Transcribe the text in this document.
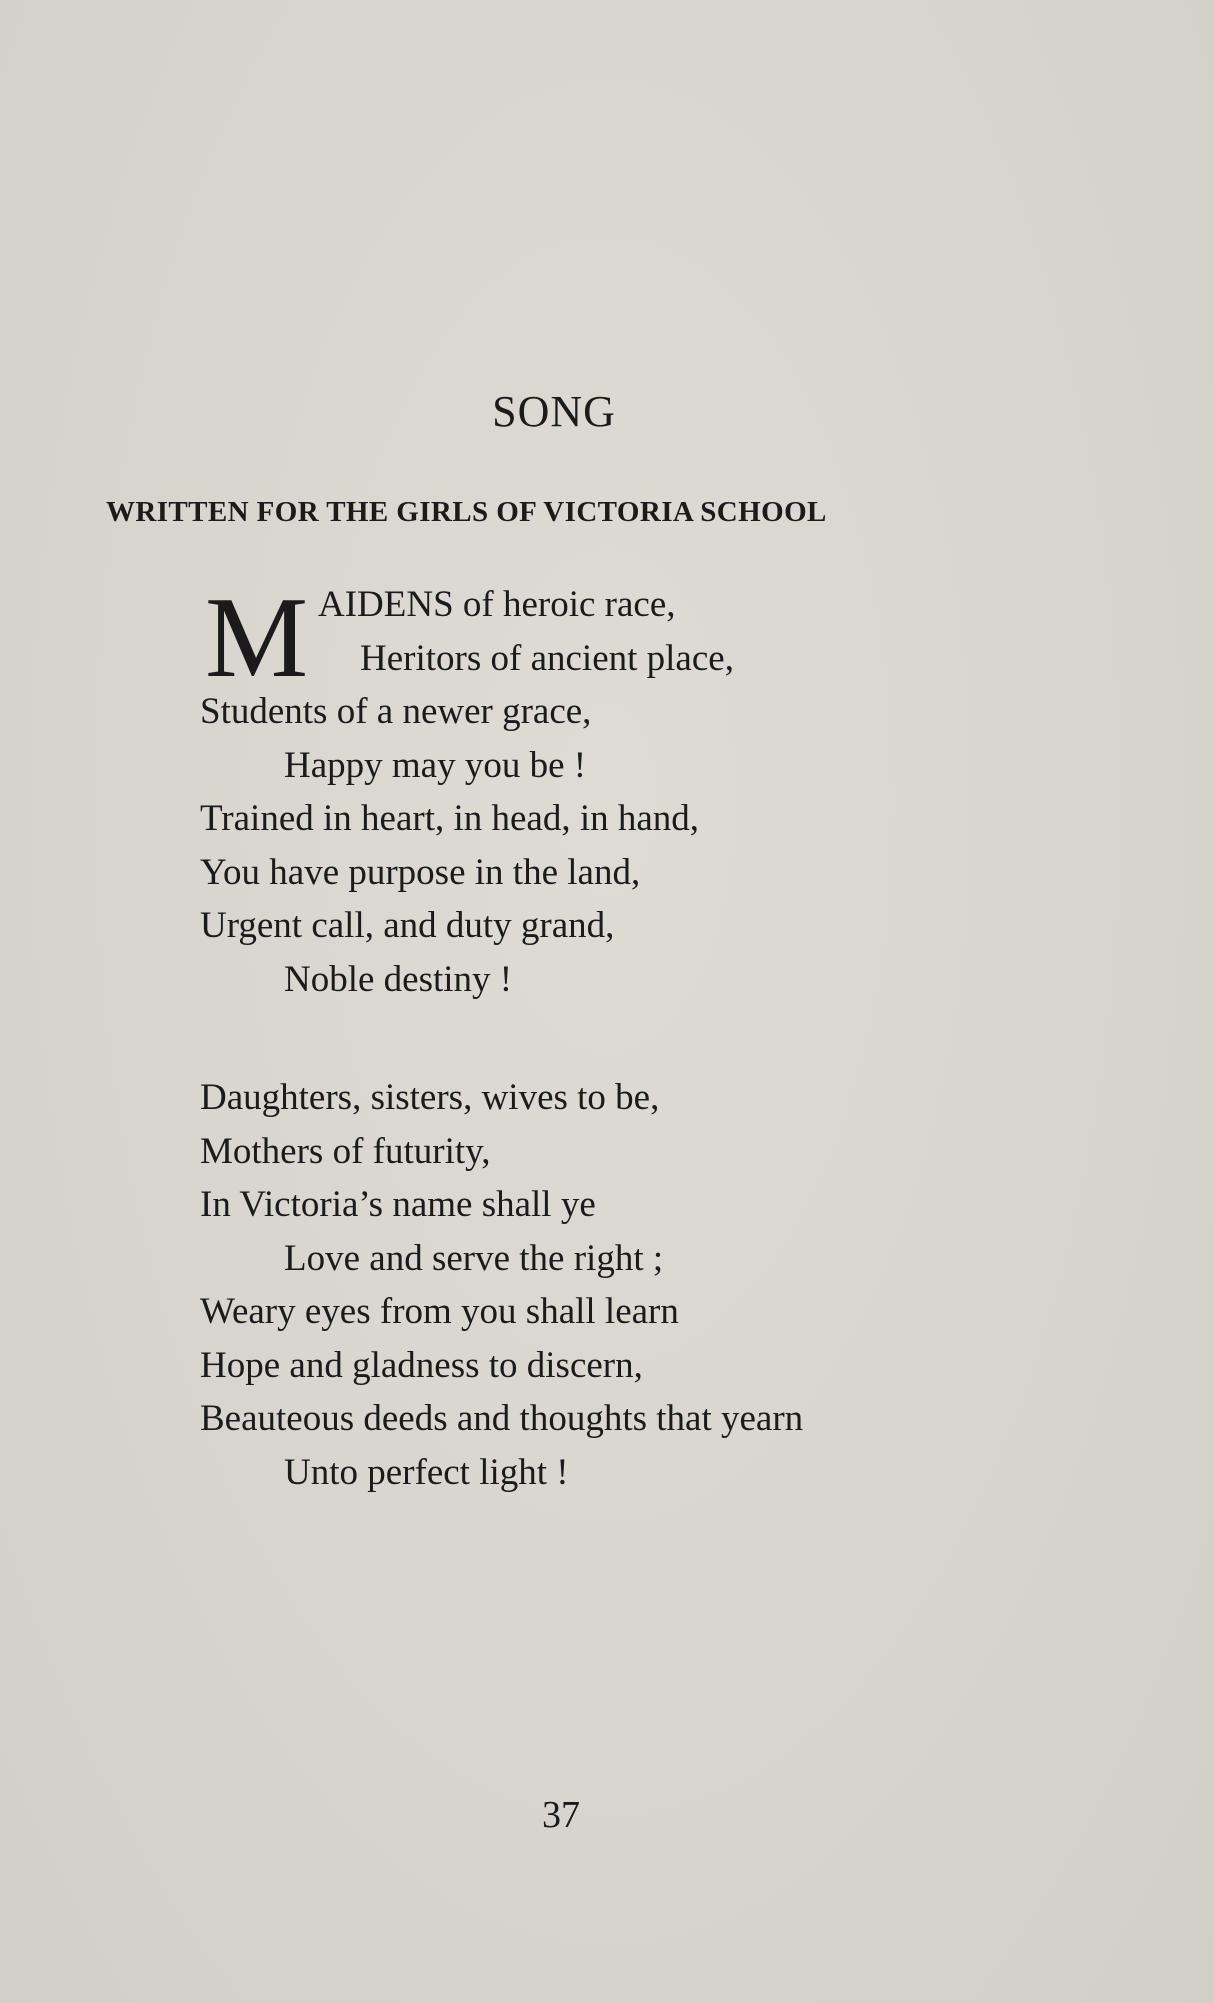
SONG
WRITTEN FOR THE GIRLS OF VICTORIA SCHOOL
M AIDENS of heroic race,
Heritors of ancient place,
Students of a newer grace,
Happy may you be !
Trained in heart, in head, in hand,
You have purpose in the land,
Urgent call, and duty grand,
Noble destiny !
Daughters, sisters, wives to be,
Mothers of futurity,
In Victoria’s name shall ye
Love and serve the right ;
Weary eyes from you shall learn
Hope and gladness to discern,
Beauteous deeds and thoughts that yearn
Unto perfect light !
37
